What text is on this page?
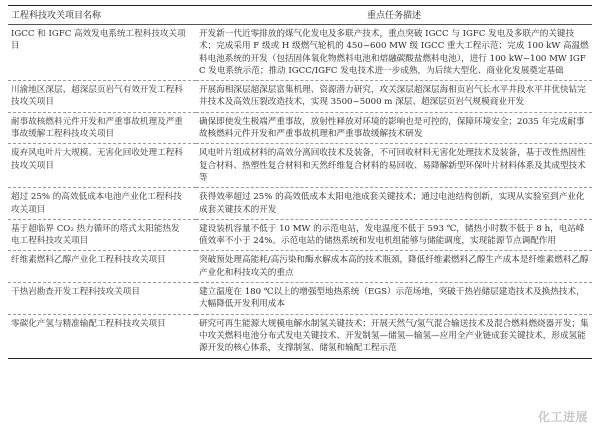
工程科技攻关项目名称	重点任务描述
IGCC 和 IGFC 高效发电系统工程科技攻关项目	开发新一代近零排放的煤气化发电及多联产技术，重点突破 IGCC 与 IGFC 发电及多联产的关键技术；完成采用 F 级或 H 级燃气轮机的 450~600 MW 级 IGCC 重大工程示范；完成 100 kW 高温燃料电池系统的开发（包括固体氧化物燃料电池和熔融碳酸盐燃料电池），进行 100 kW~100 MW IGFC 发电系统示范；推动 IGCC/IGFC 发电技术进一步成熟，为后续大型化、商业化发展奠定基础
川渝地区深层、超深层页岩气有效开发工程科技攻关项目	开展海相深层超深层富集机理、资源潜力研究，攻关深层超深层海相页岩气长水平井段水平井优快钻完井技术及高效压裂改造技术，实现 3500~5000 m 深层、超深层页岩气规模商业开发
耐事故核燃料元件开发和严重事故机理及严重事故缓解工程科技攻关项目	确保即使发生极端严重事故，放射性释放对环境的影响也是可控的，保障环境安全；2035 年完成耐事故核燃料元件开发和严重事故机理和严重事故缓解技术研发
废弃风电叶片大规模、无害化回收处理工程科技攻关项目	风电叶片组成材料的高效分离回收技术及装备，不可回收材料无害化处理技术及装备，基于改性热固性复合材料、热塑性复合材料和天然纤维复合材料的易回收、易降解新型环保叶片材料体系及其成型技术等
超过 25% 的高效低成本电池产业化工程科技攻关项目	获得效率超过 25% 的高效低成本太阳电池成套关键技术；通过电池结构创新，实现从实验室到产业化成套关键技术的开发
基于超临界 CO₂ 热力循环的塔式太阳能热发电工程科技攻关项目	建设装机容量不低于 10 MW 的示范电站，发电温度不低于 593 ℃，储热小时数不低于 8 h，电站峰值效率不小于 24%。示范电站的储热系统和发电机组能够与储能调度，实现能源节点调配作用
纤维素燃料乙醇产业化工程科技攻关项目	突破预处理高能耗/高污染和酶水解成本高的技术瓶颈，降低纤维素燃料乙醇生产成本是纤维素燃料乙醇产业化和科技攻关的重点
干热岩勘查开发工程科技攻关项目	建立温度在 180 ℃以上的增强型地热系统（EGS）示范场地，突破干热岩储层建造技术及换热技术，大幅降低开发利用成本
零碳化产氢与精准输配工程科技攻关项目	研究可再生能源大规模电解水制氢关键技术；开展天然气/氢气混合输送技术及混合燃料燃烧器开发；集中攻关燃料电池分布式发电关键技术、开发制氢—储氢—输氢—应用全产业链成套关键技术，形成氢能源开发的核心体系，支撑制氢、储氢和输配工程示范
化工进展
